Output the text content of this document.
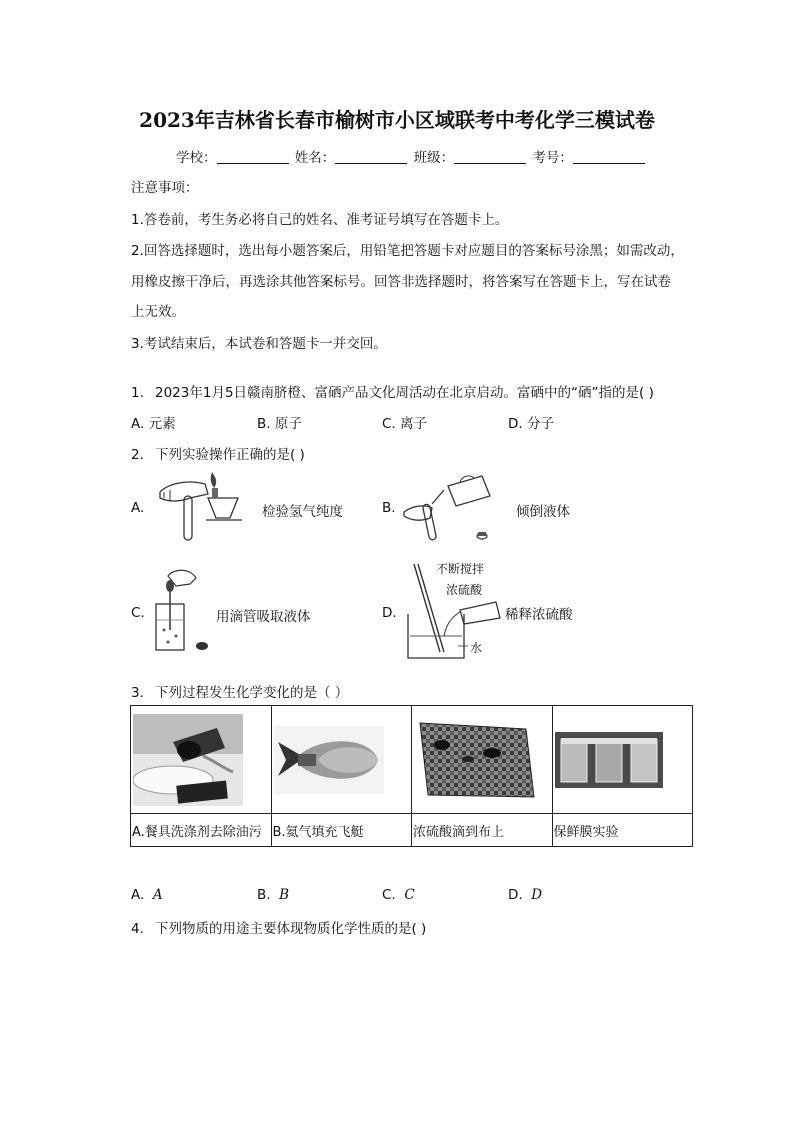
2023年吉林省长春市榆树市小区域联考中考化学三模试卷
学校：	姓名：	班级：	考号：
注意事项：
1.答卷前，考生务必将自己的姓名、准考证号填写在答题卡上。
2.回答选择题时，选出每小题答案后，用铅笔把答题卡对应题目的答案标号涂黑；如需改动，
用橡皮擦干净后，再选涂其他答案标号。回答非选择题时，将答案写在答题卡上，写在试卷
上无效。
3.考试结束后，本试卷和答题卡一并交回。
1. 2023年1月5日赣南脐橙、富硒产品文化周活动在北京启动。富硒中的“硒”指的是( )
A. 元素	B. 原子	C. 离子	D. 分子
2. 下列实验操作正确的是( )
A.	检验氢气纯度	B.	倾倒液体
C.	用滴管吸取液体	D.
不断搅拌
浓硫酸
水
稀释浓硫酸
3. 下列过程发生化学变化的是（ ）

A.餐具洗涤剂去除油污	B.氦气填充飞艇	浓硫酸滴到布上	保鲜膜实验
A. A	B. B	C. C	D. D
4. 下列物质的用途主要体现物质化学性质的是( )
